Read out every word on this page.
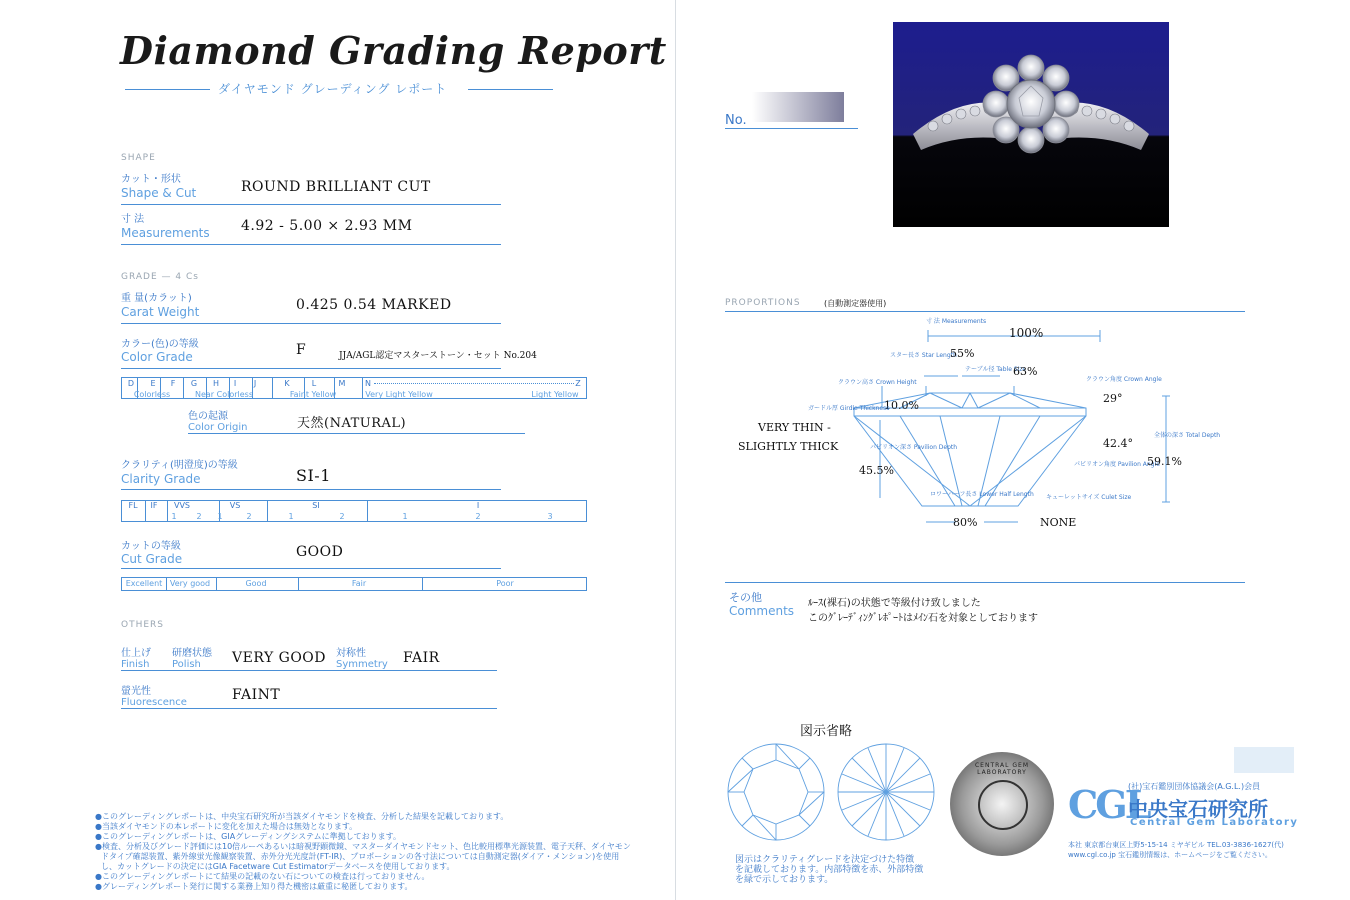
Diamond Grading Report
ダイヤモンド グレーディング レポート
SHAPE
カット・形状
Shape & Cut	ROUND BRILLIANT CUT
寸 法
Measurements 4.92 - 5.00 × 2.93 MM
GRADE — 4 Cs
重 量(カラット)
Carat Weight	0.425 0.54 MARKED
カラー(色)の等級
Color Grade	F	JJA/AGL認定マスターストーン・セット No.204
D E F G H I J	K	L	M N	Z
Colorless	Near Colorless	Faint Yellow	Very Light Yellow	Light Yellow
色の起源
Color Origin	天然(NATURAL)
クラリティ(明澄度)の等級
Clarity Grade	SI-1
FL IF VVS	VS	SI	I
1 2 1	2	1	2	1	2	3
カットの等級
Cut Grade	GOOD
Excellent Very good	Good	Fair	Poor
OTHERS
仕上げ
Finish
研磨状態
Polish VERY GOOD 対称性
Symmetry FAIR
螢光性
Fluorescence	FAINT
●このグレーディングレポートは、中央宝石研究所が当該ダイヤモンドを検査、分析した結果を記載しております。
●当該ダイヤモンドの本レポートに変化を加えた場合は無効となります。
●このグレーディングレポートは、GIAグレーディングシステムに準拠しております。
●検査、分析及びグレード評価には10倍ルーペあるいは暗視野顕微鏡、マスターダイヤモンドセット、色比較用標準光源装置、電子天秤、ダイヤモン
ドタイプ確認装置、紫外線蛍光像観察装置、赤外分光光度計(FT-IR)、プロポーションの各寸法については自動測定器(ダイア・メンション)を使用
し、カットグレードの決定にはGIA Facetware Cut Estimatorデータベースを使用しております。
●このグレーディングレポートにて結果の記載のない石についての検査は行っておりません。
●グレーディングレポート発行に関する業務上知り得た機密は厳重に秘匿しております。
No.
PROPORTIONS	(自動測定器使用)
寸 法 Measurements
100%
スター長さ Star Length
55%
テーブル径 Table Size
63%
クラウン高さ Crown Height
10.0%
クラウン角度 Crown Angle
29°
ガードル厚 Girdle Thickness
VERY THIN -
SLIGHTLY THICK	パビリオン深さ Pavilion Depth
45.5%
42.4°
パビリオン角度 Pavilion Angle
全体の深さ Total Depth
59.1%
ロワーハーフ長さ Lower Half Length
80%
キューレットサイズ Culet Size
NONE
その他
Comments
ﾙｰｽ(裸石)の状態で等級付け致しました
このｸﾞﾚｰﾃﾞｨﾝｸﾞﾚﾎﾟｰﾄはﾒｲﾝ石を対象としております
図示省略
図示はクラリティグレードを決定づけた特徴
を記載しております。内部特徴を赤、外部特徴
を緑で示しております。
CENTRAL GEM LABORATORY
CGL
(社)宝石鑑別団体協議会(A.G.L.)会員
中央宝石研究所
Central Gem Laboratory
本社 東京都台東区上野5-15-14 ミヤギビル TEL.03-3836-1627(代)
www.cgl.co.jp 宝石鑑別情報は、ホームページをご覧ください。
